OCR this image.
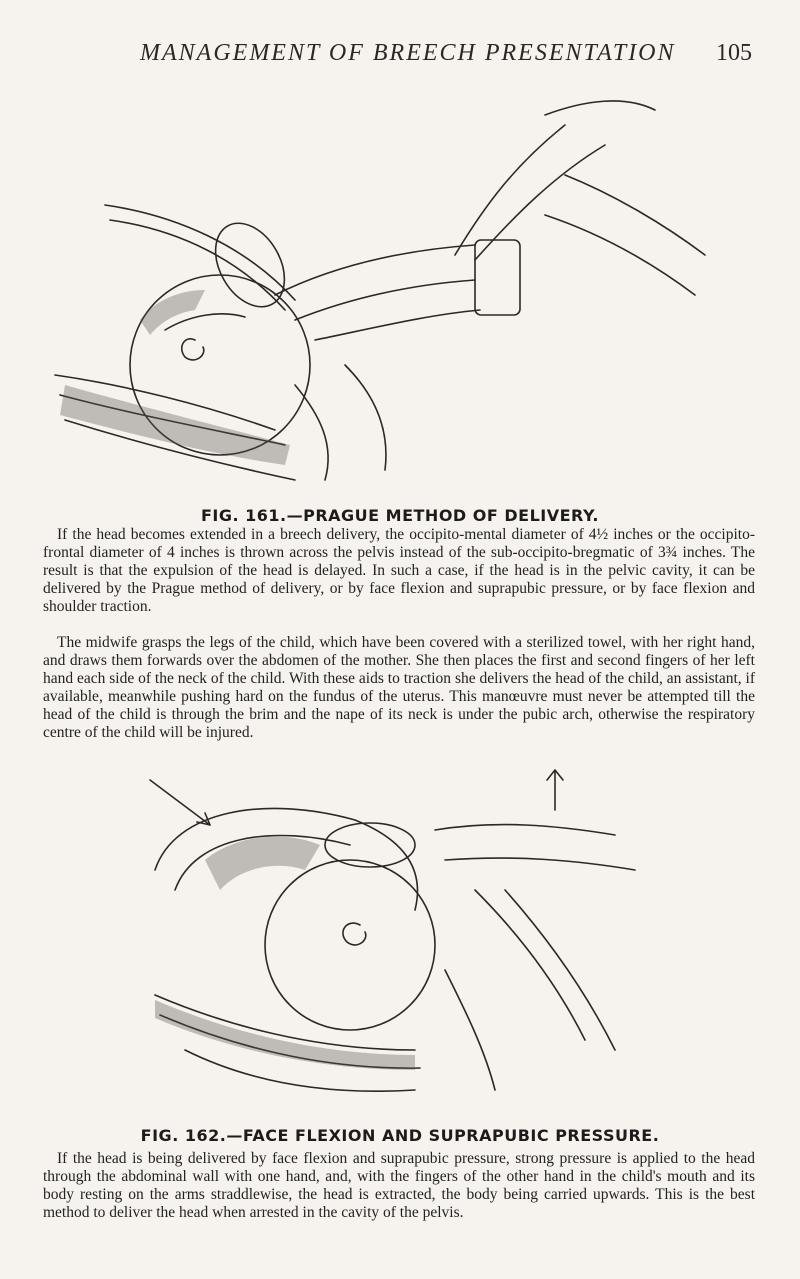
MANAGEMENT OF BREECH PRESENTATION 105
FIG. 161.—PRAGUE METHOD OF DELIVERY.

If the head becomes extended in a breech delivery, the occipito-mental diameter of 4½ inches or the occipito-frontal diameter of 4 inches is thrown across the pelvis instead of the sub-occipito-bregmatic of 3¾ inches. The result is that the expulsion of the head is delayed. In such a case, if the head is in the pelvic cavity, it can be delivered by the Prague method of delivery, or by face flexion and suprapubic pressure, or by face flexion and shoulder traction.

The midwife grasps the legs of the child, which have been covered with a sterilized towel, with her right hand, and draws them forwards over the abdomen of the mother. She then places the first and second fingers of her left hand each side of the neck of the child. With these aids to traction she delivers the head of the child, an assistant, if available, meanwhile pushing hard on the fundus of the uterus. This manœuvre must never be attempted till the head of the child is through the brim and the nape of its neck is under the pubic arch, otherwise the respiratory centre of the child will be injured.

FIG. 162.—FACE FLEXION AND SUPRAPUBIC PRESSURE.

If the head is being delivered by face flexion and suprapubic pressure, strong pressure is applied to the head through the abdominal wall with one hand, and, with the fingers of the other hand in the child's mouth and its body resting on the arms straddlewise, the head is extracted, the body being carried upwards. This is the best method to deliver the head when arrested in the cavity of the pelvis.
